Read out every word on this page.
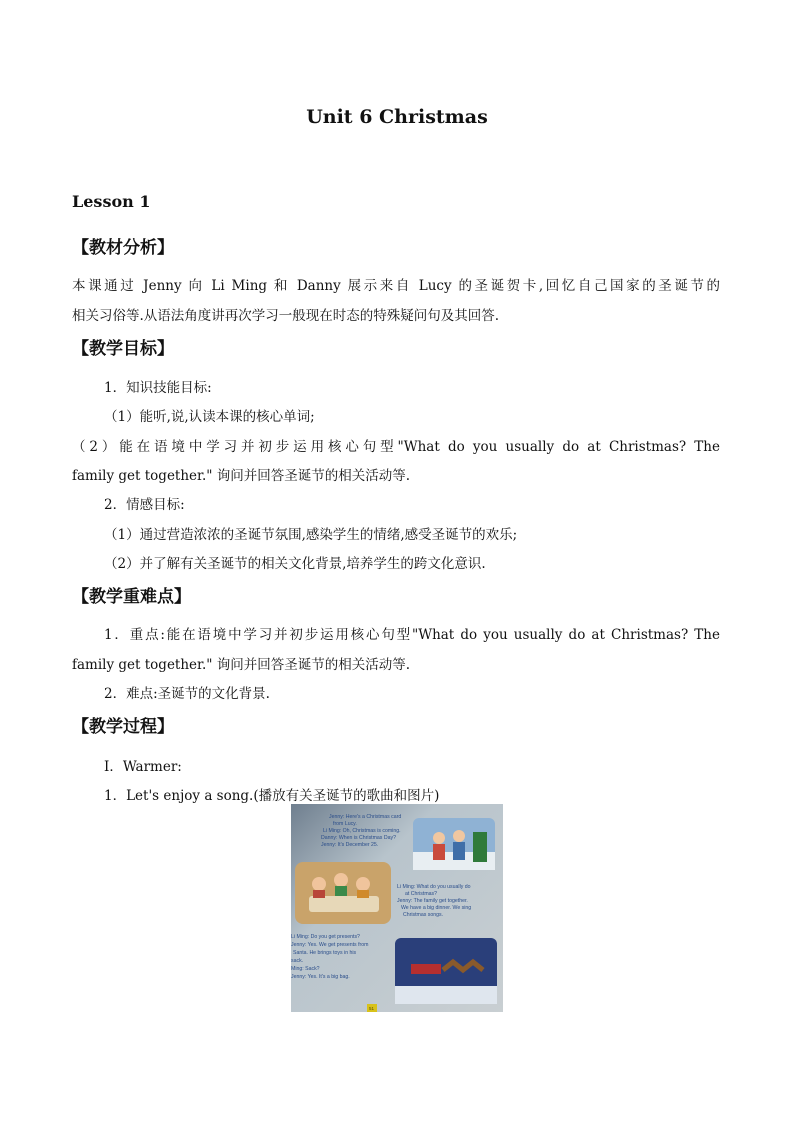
Unit 6 Christmas
Lesson 1
【教材分析】
本课通过 Jenny 向 Li Ming 和 Danny 展示来自 Lucy 的圣诞贺卡,回忆自己国家的圣诞节的
相关习俗等.从语法角度讲再次学习一般现在时态的特殊疑问句及其回答.
【教学目标】
1．知识技能目标:
（1）能听,说,认读本课的核心单词;
（2）能在语境中学习并初步运用核心句型"What do you usually do at Christmas? The
family get together." 询问并回答圣诞节的相关活动等.
2．情感目标:
（1）通过营造浓浓的圣诞节氛围,感染学生的情绪,感受圣诞节的欢乐;
（2）并了解有关圣诞节的相关文化背景,培养学生的跨文化意识.
【教学重难点】
1．重点:能在语境中学习并初步运用核心句型"What do you usually do at Christmas? The
family get together." 询问并回答圣诞节的相关活动等.
2．难点:圣诞节的文化背景.
【教学过程】
Ⅰ．Warmer:
1．Let's enjoy a song.(播放有关圣诞节的歌曲和图片)
Jenny: Here's a Christmas card
from Lucy.
Li Ming: Oh, Christmas is coming.
Danny: When is Christmas Day?
Jenny: It's December 25.
Li Ming: What do you usually do
at Christmas?
Jenny: The family get together.
We have a big dinner. We sing
Christmas songs.
Li Ming: Do you get presents?
Jenny: Yes. We get presents from
Santa. He brings toys in his
sack.
Ming: Sack?
Jenny: Yes. It's a big bag.
51
